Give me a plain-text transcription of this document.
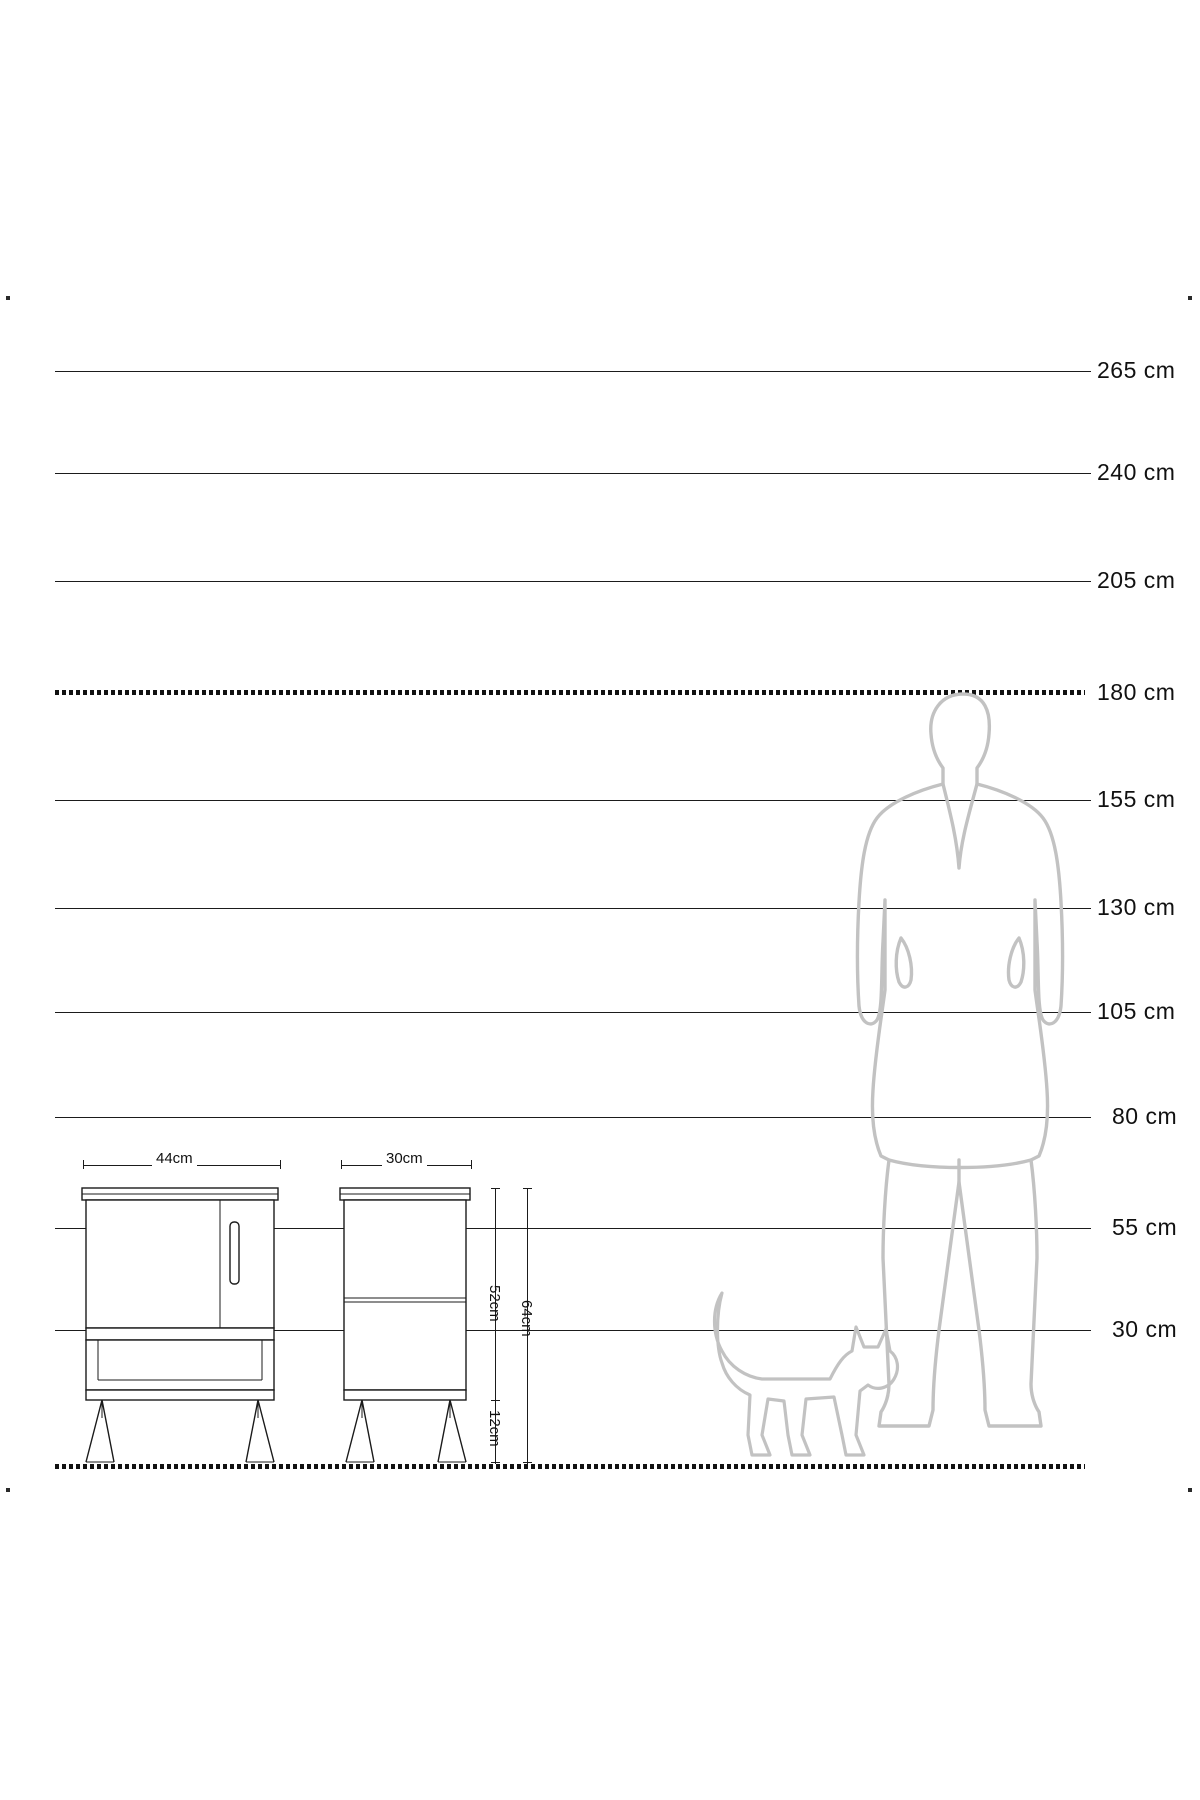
265 cm
240 cm
205 cm
180 cm
155 cm
130 cm
105 cm
80 cm
55 cm
30 cm
44cm	30cm
52cm
12cm
64cm
